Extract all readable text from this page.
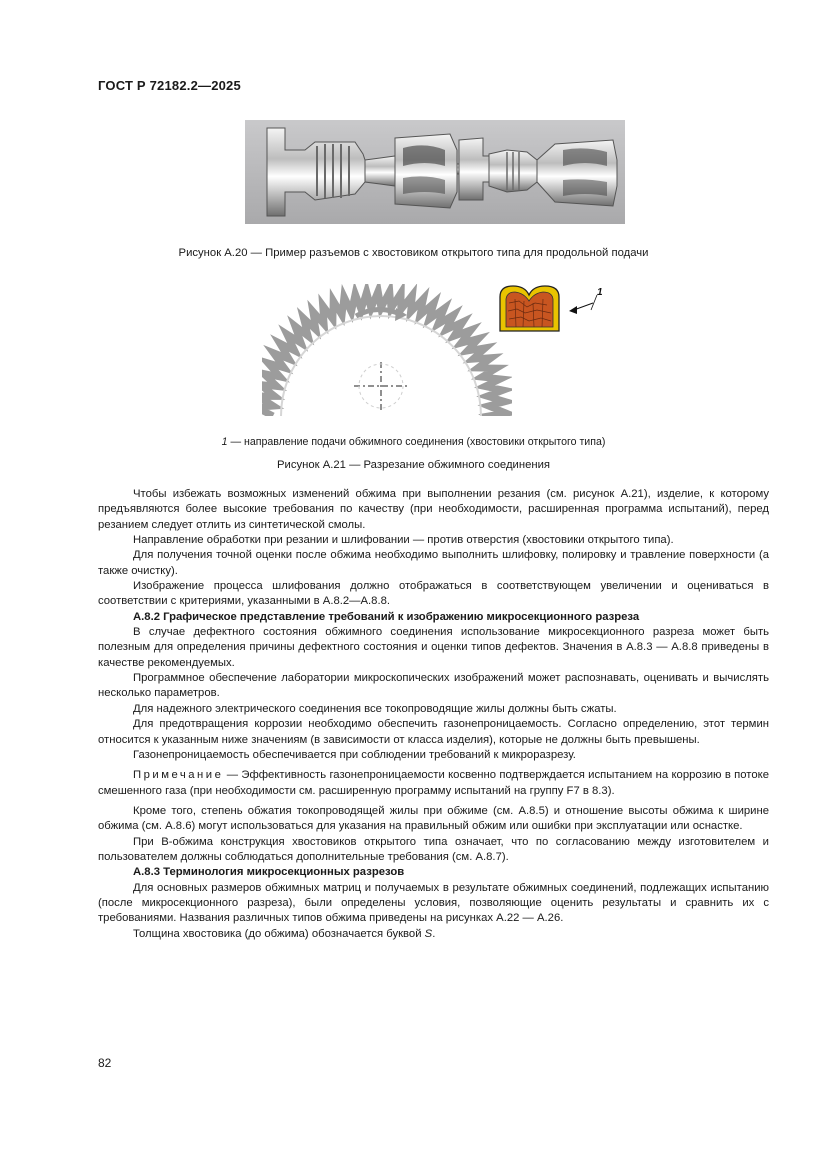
ГОСТ Р 72182.2—2025
Рисунок А.20 — Пример разъемов с хвостовиком открытого типа для продольной подачи
1
1 — направление подачи обжимного соединения (хвостовики открытого типа)
Рисунок А.21 — Разрезание обжимного соединения

Чтобы избежать возможных изменений обжима при выполнении резания (см. рисунок А.21), изделие, к которому предъявляются более высокие требования по качеству (при необходимости, расширенная программа испытаний), перед резанием следует отлить из синтетической смолы.

Направление обработки при резании и шлифовании — против отверстия (хвостовики открытого типа).

Для получения точной оценки после обжима необходимо выполнить шлифовку, полировку и травление поверхности (а также очистку).

Изображение процесса шлифования должно отображаться в соответствующем увеличении и оцениваться в соответствии с критериями, указанными в А.8.2—А.8.8.

А.8.2 Графическое представление требований к изображению микросекционного разреза

В случае дефектного состояния обжимного соединения использование микросекционного разреза может быть полезным для определения причины дефектного состояния и оценки типов дефектов. Значения в А.8.3 — А.8.8 приведены в качестве рекомендуемых.

Программное обеспечение лаборатории микроскопических изображений может распознавать, оценивать и вычислять несколько параметров.

Для надежного электрического соединения все токопроводящие жилы должны быть сжаты.

Для предотвращения коррозии необходимо обеспечить газонепроницаемость. Согласно определению, этот термин относится к указанным ниже значениям (в зависимости от класса изделия), которые не должны быть превышены.

Газонепроницаемость обеспечивается при соблюдении требований к микроразрезу.

Примечание — Эффективность газонепроницаемости косвенно подтверждается испытанием на коррозию в потоке смешенного газа (при необходимости см. расширенную программу испытаний на группу F7 в 8.3).

Кроме того, степень обжатия токопроводящей жилы при обжиме (см. А.8.5) и отношение высоты обжима к ширине обжима (см. А.8.6) могут использоваться для указания на правильный обжим или ошибки при эксплуатации или оснастке.

При В-обжима конструкция хвостовиков открытого типа означает, что по согласованию между изготовителем и пользователем должны соблюдаться дополнительные требования (см. А.8.7).

А.8.3 Терминология микросекционных разрезов

Для основных размеров обжимных матриц и получаемых в результате обжимных соединений, подлежащих испытанию (после микросекционного разреза), были определены условия, позволяющие оценить результаты и сравнить их с требованиями. Названия различных типов обжима приведены на рисунках А.22 — А.26.

Толщина хвостовика (до обжима) обозначается буквой S.

82
